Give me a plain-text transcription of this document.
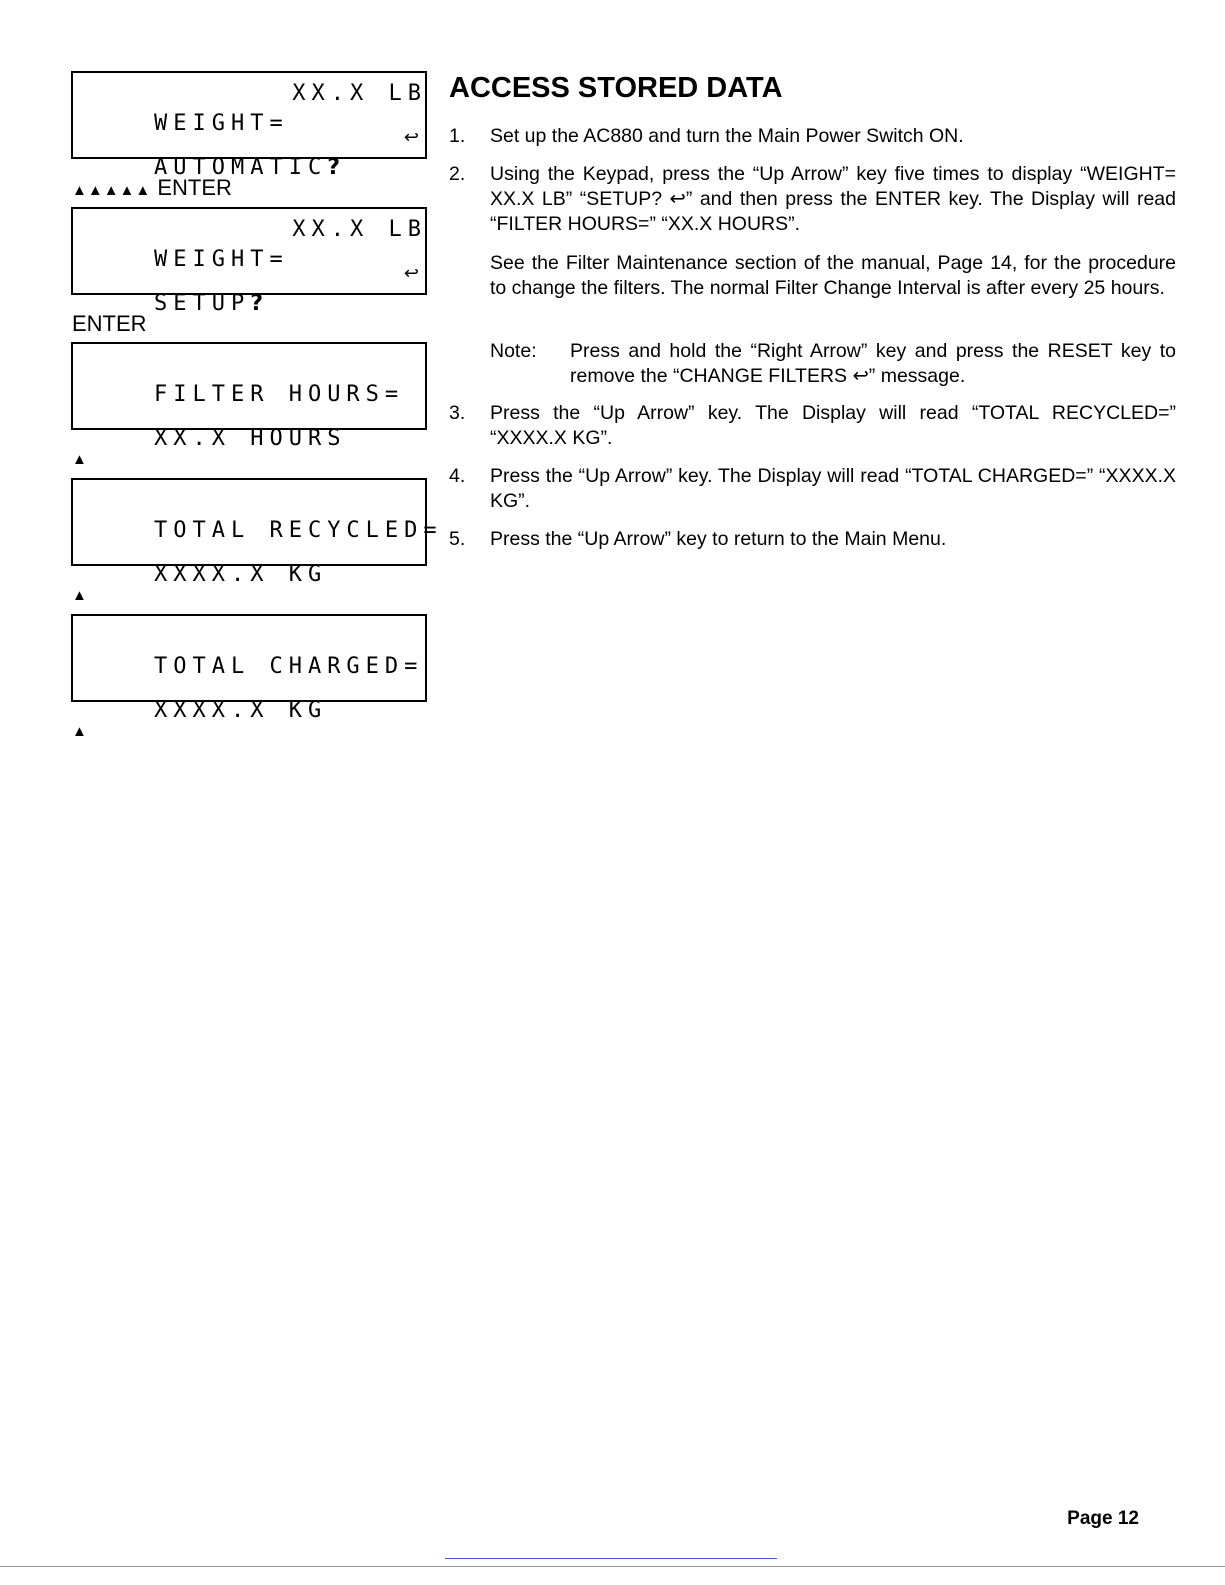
WEIGHT=

XX.X LB

AUTOMATIC?

↩

▲▲▲▲▲ ENTER

WEIGHT=

XX.X LB

SETUP?

↩

ENTER

FILTER HOURS=

XX.X HOURS

▲

TOTAL RECYCLED=

XXXX.X KG

▲

TOTAL CHARGED=

XXXX.X KG

▲
ACCESS STORED DATA
1.	Set up the AC880 and turn the Main Power Switch ON.
2.	Using the Keypad, press the “Up Arrow” key five times to display “WEIGHT= XX.X LB” “SETUP? ↩” and then press the ENTER key. The Display will read “FILTER HOURS=” “XX.X HOURS”.
See the Filter Maintenance section of the manual, Page 14, for the procedure to change the filters. The normal Filter Change Interval is after every 25 hours.
Note: Press and hold the “Right Arrow” key and press the RESET key to remove the “CHANGE FILTERS ↩” message.
3.	Press the “Up Arrow” key. The Display will read “TOTAL RECYCLED=” “XXXX.X KG”.
4.	Press the “Up Arrow” key. The Display will read “TOTAL CHARGED=” “XXXX.X KG”.
5.	Press the “Up Arrow” key to return to the Main Menu.
Page 12
